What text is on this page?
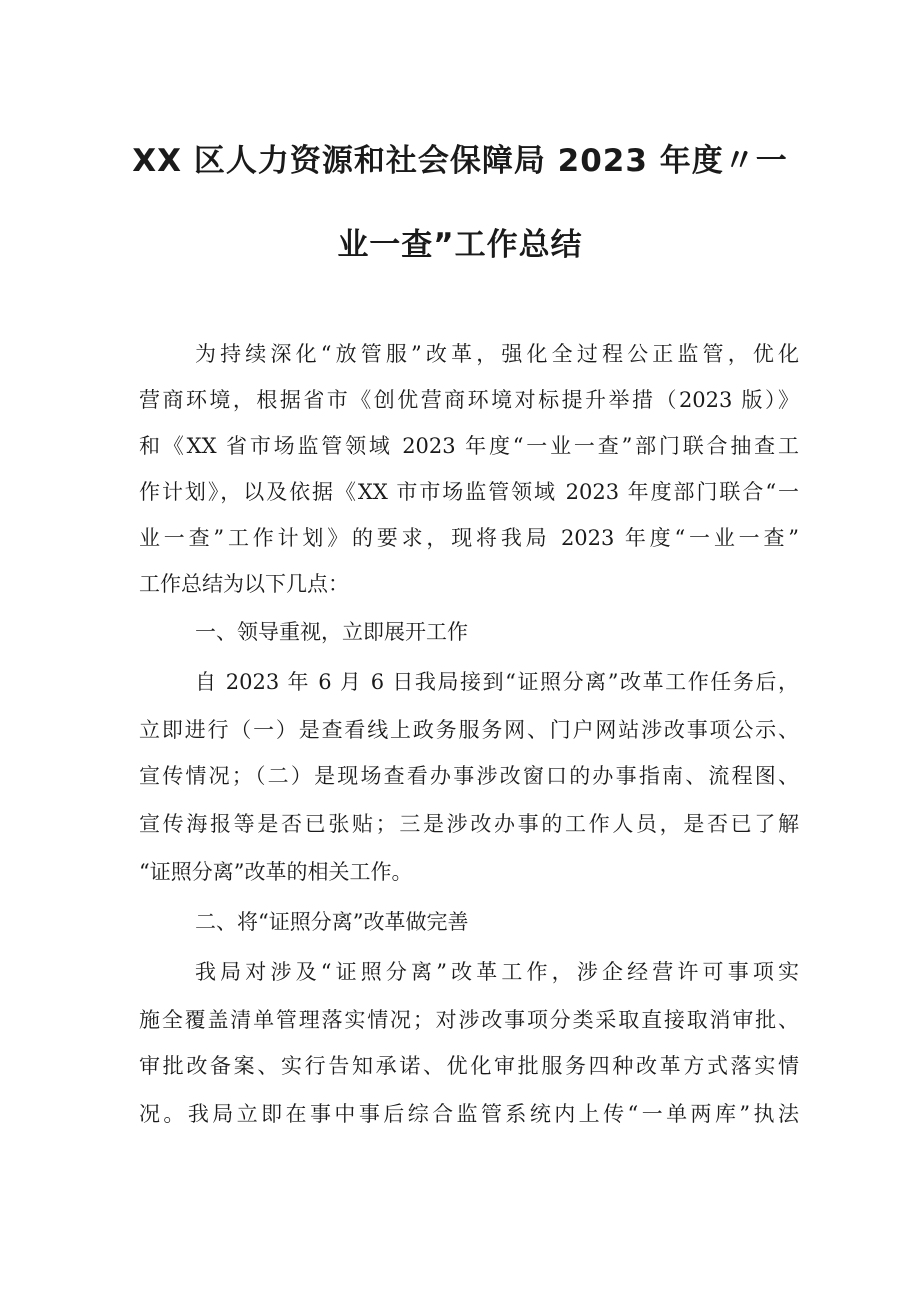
XX 区人力资源和社会保障局 2023 年度〃一
业一查”工作总结

为持续深化“放管服”改革，强化全过程公正监管，优化

营商环境，根据省市《创优营商环境对标提升举措（2023 版）》

和《XX 省市场监管领域 2023 年度“一业一查”部门联合抽查工

作计划》，以及依据《XX 市市场监管领域 2023 年度部门联合“一

业一查”工作计划》的要求，现将我局 2023 年度“一业一查”

工作总结为以下几点：

一、领导重视，立即展开工作

自 2023 年 6 月 6 日我局接到“证照分离”改革工作任务后，

立即进行（一）是查看线上政务服务网、门户网站涉改事项公示、

宣传情况；（二）是现场查看办事涉改窗口的办事指南、流程图、

宣传海报等是否已张贴；三是涉改办事的工作人员，是否已了解

“证照分离”改革的相关工作。

二、将“证照分离”改革做完善

我局对涉及“证照分离”改革工作，涉企经营许可事项实

施全覆盖清单管理落实情况；对涉改事项分类采取直接取消审批、

审批改备案、实行告知承诺、优化审批服务四种改革方式落实情

况。我局立即在事中事后综合监管系统内上传“一单两库”执法
